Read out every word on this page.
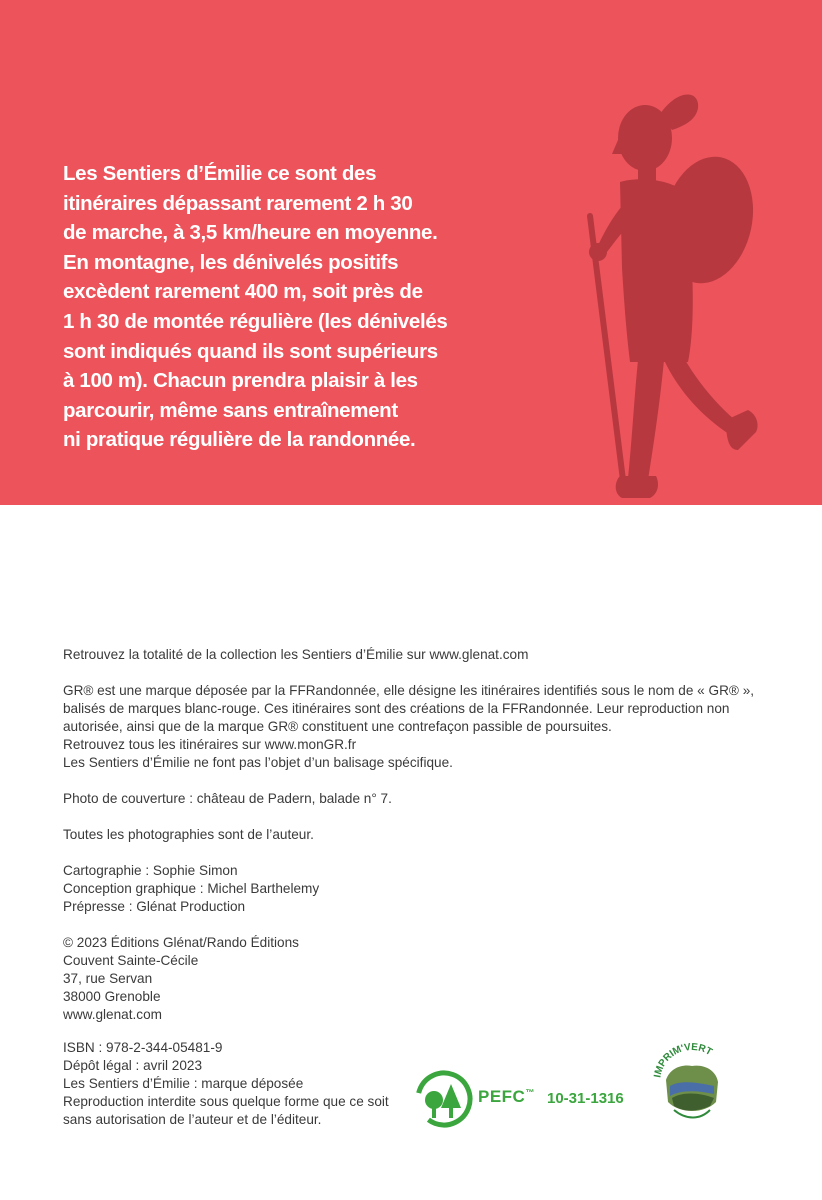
Les Sentiers d’Émilie ce sont des
itinéraires dépassant rarement 2 h 30
de marche, à 3,5 km/heure en moyenne.
En montagne, les dénivelés positifs
excèdent rarement 400 m, soit près de
1 h 30 de montée régulière (les dénivelés
sont indiqués quand ils sont supérieurs
à 100 m). Chacun prendra plaisir à les
parcourir, même sans entraînement
ni pratique régulière de la randonnée.

Retrouvez la totalité de la collection les Sentiers d’Émilie sur www.glenat.com

GR® est une marque déposée par la FFRandonnée, elle désigne les itinéraires identifiés sous le nom de « GR® »,
balisés de marques blanc-rouge. Ces itinéraires sont des créations de la FFRandonnée. Leur reproduction non
autorisée, ainsi que de la marque GR® constituent une contrefaçon passible de poursuites.
Retrouvez tous les itinéraires sur www.monGR.fr
Les Sentiers d’Émilie ne font pas l’objet d’un balisage spécifique.

Photo de couverture : château de Padern, balade n° 7.

Toutes les photographies sont de l’auteur.

Cartographie : Sophie Simon
Conception graphique : Michel Barthelemy
Prépresse : Glénat Production

© 2023 Éditions Glénat/Rando Éditions
Couvent Sainte-Cécile
37, rue Servan
38000 Grenoble
www.glenat.com

ISBN : 978-2-344-05481-9
Dépôt légal : avril 2023
Les Sentiers d’Émilie : marque déposée
Reproduction interdite sous quelque forme que ce soit
sans autorisation de l’auteur et de l’éditeur.
PEFC™ 10-31-1316
IMPRIM'VERT
